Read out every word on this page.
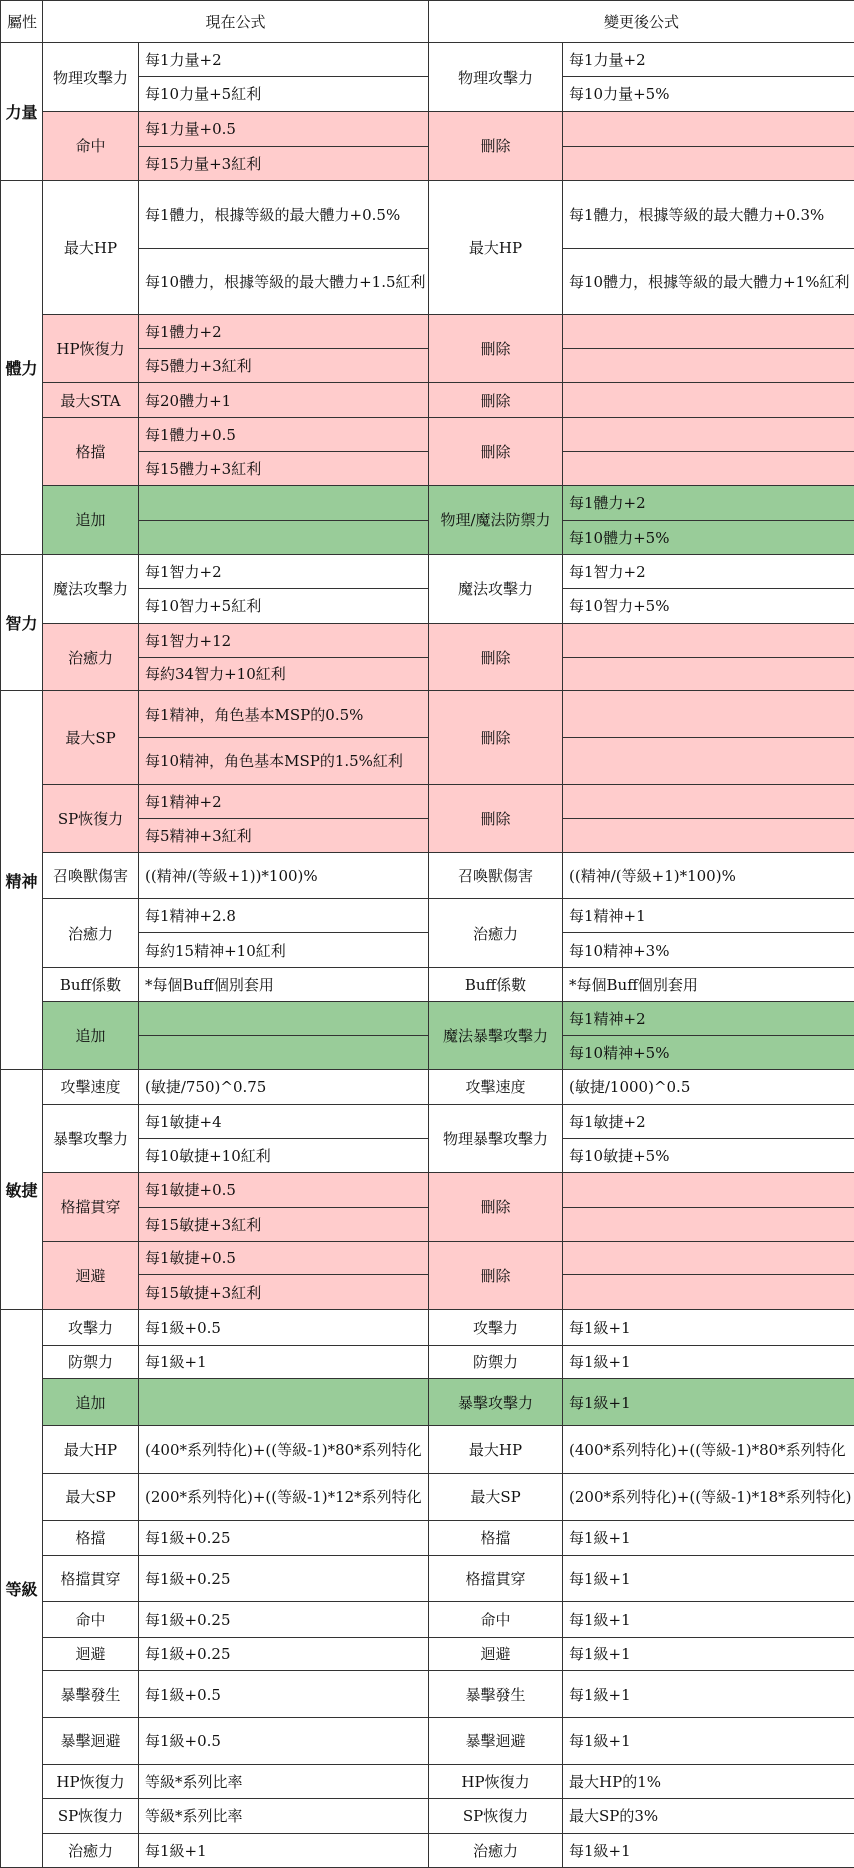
屬性	現在公式		變更後公式	
力量	物理攻擊力	每1力量+2	物理攻擊力	每1力量+2
		每10力量+5紅利		每10力量+5%
	命中	每1力量+0.5	刪除	
		每15力量+3紅利		
體力	最大HP	每1體力，根據等級的最大體力+0.5%	最大HP	每1體力，根據等級的最大體力+0.3%
		每10體力，根據等級的最大體力+1.5紅利		每10體力，根據等級的最大體力+1%紅利
	HP恢復力	每1體力+2	刪除	
		每5體力+3紅利		
	最大STA	每20體力+1	刪除	
	格擋	每1體力+0.5	刪除	
		每15體力+3紅利		
	追加		物理/魔法防禦力	每1體力+2
				每10體力+5%
智力	魔法攻擊力	每1智力+2	魔法攻擊力	每1智力+2
		每10智力+5紅利		每10智力+5%
	治癒力	每1智力+12	刪除	
		每約34智力+10紅利		
精神	最大SP	每1精神，角色基本MSP的0.5%	刪除	
		每10精神，角色基本MSP的1.5%紅利		
	SP恢復力	每1精神+2	刪除	
		每5精神+3紅利		
	召喚獸傷害	((精神/(等級+1))*100)%	召喚獸傷害	((精神/(等級+1)*100)%
	治癒力	每1精神+2.8	治癒力	每1精神+1
		每約15精神+10紅利		每10精神+3%
	Buff係數	*每個Buff個別套用	Buff係數	*每個Buff個別套用
	追加		魔法暴擊攻擊力	每1精神+2
				每10精神+5%
敏捷	攻擊速度	(敏捷/750)^0.75	攻擊速度	(敏捷/1000)^0.5
	暴擊攻擊力	每1敏捷+4	物理暴擊攻擊力	每1敏捷+2
		每10敏捷+10紅利		每10敏捷+5%
	格擋貫穿	每1敏捷+0.5	刪除	
		每15敏捷+3紅利		
	迴避	每1敏捷+0.5	刪除	
		每15敏捷+3紅利		
等級	攻擊力	每1級+0.5	攻擊力	每1級+1
	防禦力	每1級+1	防禦力	每1級+1
	追加		暴擊攻擊力	每1級+1
	最大HP	(400*系列特化)+((等級-1)*80*系列特化	最大HP	(400*系列特化)+((等級-1)*80*系列特化
	最大SP	(200*系列特化)+((等級-1)*12*系列特化	最大SP	(200*系列特化)+((等級-1)*18*系列特化)
	格擋	每1級+0.25	格擋	每1級+1
	格擋貫穿	每1級+0.25	格擋貫穿	每1級+1
	命中	每1級+0.25	命中	每1級+1
	迴避	每1級+0.25	迴避	每1級+1
	暴擊發生	每1級+0.5	暴擊發生	每1級+1
	暴擊迴避	每1級+0.5	暴擊迴避	每1級+1
	HP恢復力	等級*系列比率	HP恢復力	最大HP的1%
	SP恢復力	等級*系列比率	SP恢復力	最大SP的3%
	治癒力	每1級+1	治癒力	每1級+1
